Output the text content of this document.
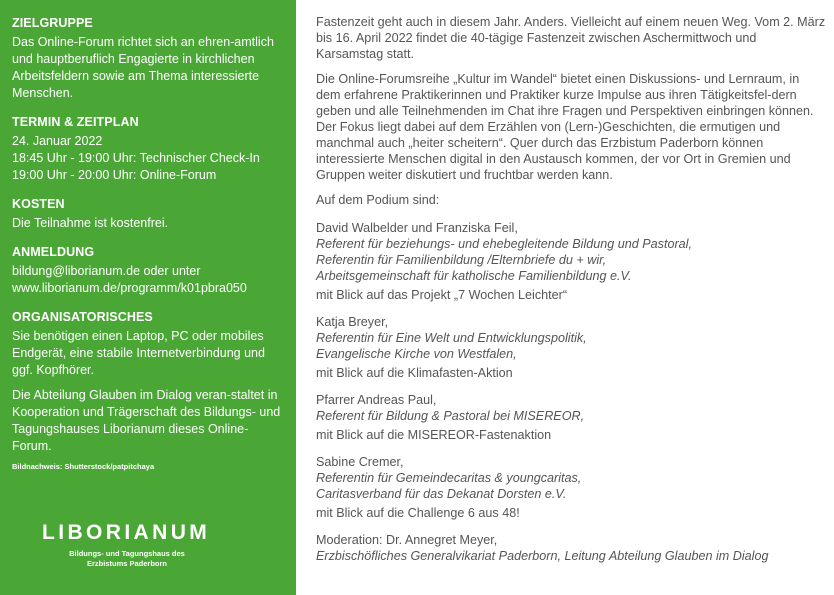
ZIELGRUPPE

Das Online-Forum richtet sich an ehren-amtlich und hauptberuflich Engagierte in kirchlichen Arbeitsfeldern sowie am Thema interessierte Menschen.

TERMIN & ZEITPLAN

24. Januar 2022

18:45 Uhr - 19:00 Uhr: Technischer Check-In

19:00 Uhr - 20:00 Uhr: Online-Forum

KOSTEN

Die Teilnahme ist kostenfrei.

ANMELDUNG

bildung@liborianum.de oder unter

www.liborianum.de/programm/k01pbra050

ORGANISATORISCHES

Sie benötigen einen Laptop, PC oder mobiles Endgerät, eine stabile Internetverbindung und ggf. Kopfhörer.

Die Abteilung Glauben im Dialog veran-staltet in Kooperation und Trägerschaft des Bildungs- und Tagungshauses Liborianum dieses Online-Forum.

Bildnachweis: Shutterstock/patpitchaya
LIBORIANUM
Bildungs- und Tagungshaus des
Erzbistums Paderborn

Fastenzeit geht auch in diesem Jahr. Anders. Vielleicht auf einem neuen Weg. Vom 2. März bis 16. April 2022 findet die 40-tägige Fastenzeit zwischen Aschermittwoch und Karsamstag statt.

Die Online-Forumsreihe „Kultur im Wandel“ bietet einen Diskussions- und Lernraum, in dem erfahrene Praktikerinnen und Praktiker kurze Impulse aus ihren Tätigkeitsfel-dern geben und alle Teilnehmenden im Chat ihre Fragen und Perspektiven einbringen können. Der Fokus liegt dabei auf dem Erzählen von (Lern-)Geschichten, die ermutigen und manchmal auch „heiter scheitern“. Quer durch das Erzbistum Paderborn können interessierte Menschen digital in den Austausch kommen, der vor Ort in Gremien und Gruppen weiter diskutiert und fruchtbar werden kann.

Auf dem Podium sind:

David Walbelder und Franziska Feil,

Referent für beziehungs- und ehebegleitende Bildung und Pastoral,

Referentin für Familienbildung /Elternbriefe du + wir,

Arbeitsgemeinschaft für katholische Familienbildung e.V.

mit Blick auf das Projekt „7 Wochen Leichter“

Katja Breyer,

Referentin für Eine Welt und Entwicklungspolitik,

Evangelische Kirche von Westfalen,

mit Blick auf die Klimafasten-Aktion

Pfarrer Andreas Paul,

Referent für Bildung & Pastoral bei MISEREOR,

mit Blick auf die MISEREOR-Fastenaktion

Sabine Cremer,

Referentin für Gemeindecaritas & youngcaritas,

Caritasverband für das Dekanat Dorsten e.V.

mit Blick auf die Challenge 6 aus 48!

Moderation: Dr. Annegret Meyer,

Erzbischöfliches Generalvikariat Paderborn, Leitung Abteilung Glauben im Dialog
